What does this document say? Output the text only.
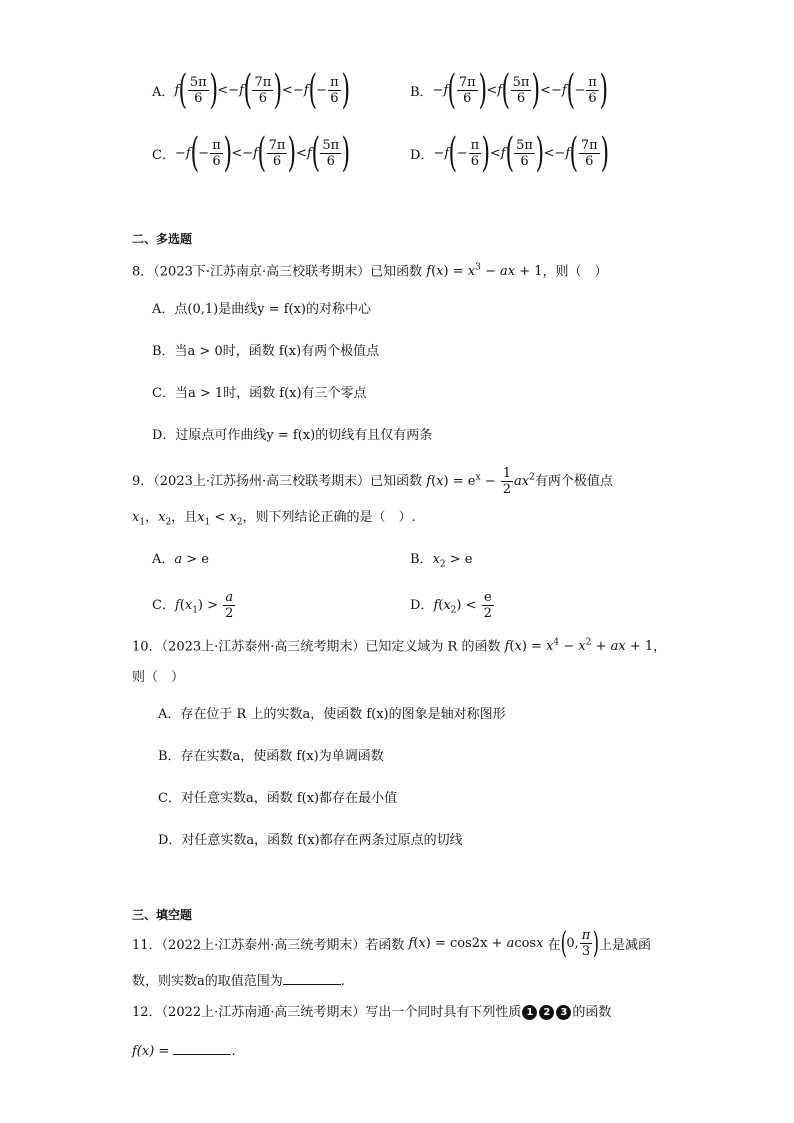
A． f ( $\frac{5\pi}{6}$ ) < − f ( $\frac{7\pi}{6}$ ) < − f ( − $\frac{\pi}{6}$ )	B． − f ( $\frac{7\pi}{6}$ ) < f ( $\frac{5\pi}{6}$ ) < − f ( − $\frac{\pi}{6}$ )
C． − f ( − $\frac{\pi}{6}$ ) < − f ( $\frac{7\pi}{6}$ ) < f ( $\frac{5\pi}{6}$ )	D． − f ( − $\frac{\pi}{6}$ ) < f ( $\frac{5\pi}{6}$ ) < − f ( $\frac{7\pi}{6}$ )
二、多选题
8．（2023下·江苏南京·高三校联考期末）已知函数 $f(x) = x^3$ − ax + 1，则（　）
A．点(0,1)是曲线y = f(x)的对称中心
B．当a > 0时，函数 f(x)有两个极值点
C．当a > 1时，函数 f(x)有三个零点
D．过原点可作曲线y = f(x)的切线有且仅有两条
9．（2023上·江苏扬州·高三校联考期末）已知函数 $f(x) = e^x - \frac{1}{2} ax^2$有两个极值点
$x_1$，$x_2$，且$x_1 < x_2$，则下列结论正确的是（　）.
A．a > e	B．$x_2 > e$
C．$f(x_1) > \frac{a}{2}$	D．$f(x_2) < \frac{e}{2}$
10．（2023上·江苏泰州·高三统考期末）已知定义域为 R 的函数 $f(x) = x^4 - x^2$ + ax + 1，
则（　）
A．存在位于 R 上的实数a，使函数 f(x)的图象是轴对称图形
B．存在实数a，使函数 f(x)为单调函数
C．对任意实数a，函数 f(x)都存在最小值
D．对任意实数a，函数 f(x)都存在两条过原点的切线
三、填空题
11．（2022上·江苏泰州·高三统考期末）若函数 f(x) = cos2x + acosx 在 ( 0, $\frac{\pi}{3}$ ) 上是减函
数，则实数a的取值范围为	.
12．（2022上·江苏南通·高三统考期末）写出一个同时具有下列性质 1 2 3 的函数
f(x) =	.
